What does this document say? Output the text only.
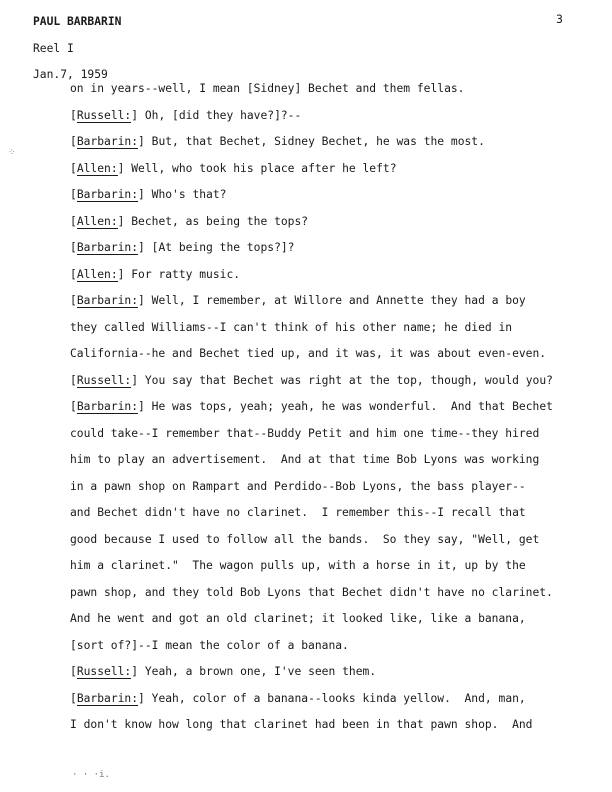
PAUL BARBARIN
Reel I
Jan.7, 1959
3
on in years--well, I mean [Sidney] Bechet and them fellas.
[Russell:] Oh, [did they have?]?--
[Barbarin:] But, that Bechet, Sidney Bechet, he was the most.
[Allen:] Well, who took his place after he left?
[Barbarin:] Who's that?
[Allen:] Bechet, as being the tops?
[Barbarin:] [At being the tops?]?
[Allen:] For ratty music.
[Barbarin:] Well, I remember, at Willore and Annette they had a boy
they called Williams--I can't think of his other name; he died in
California--he and Bechet tied up, and it was, it was about even-even.
[Russell:] You say that Bechet was right at the top, though, would you?
[Barbarin:] He was tops, yeah; yeah, he was wonderful.  And that Bechet
could take--I remember that--Buddy Petit and him one time--they hired
him to play an advertisement.  And at that time Bob Lyons was working
in a pawn shop on Rampart and Perdido--Bob Lyons, the bass player--
and Bechet didn't have no clarinet.  I remember this--I recall that
good because I used to follow all the bands.  So they say, "Well, get
him a clarinet."  The wagon pulls up, with a horse in it, up by the
pawn shop, and they told Bob Lyons that Bechet didn't have no clarinet.
And he went and got an old clarinet; it looked like, like a banana,
[sort of?]--I mean the color of a banana.
[Russell:] Yeah, a brown one, I've seen them.
[Barbarin:] Yeah, color of a banana--looks kinda yellow.  And, man,
I don't know how long that clarinet had been in that pawn shop.  And
⁘
· · ·i.
